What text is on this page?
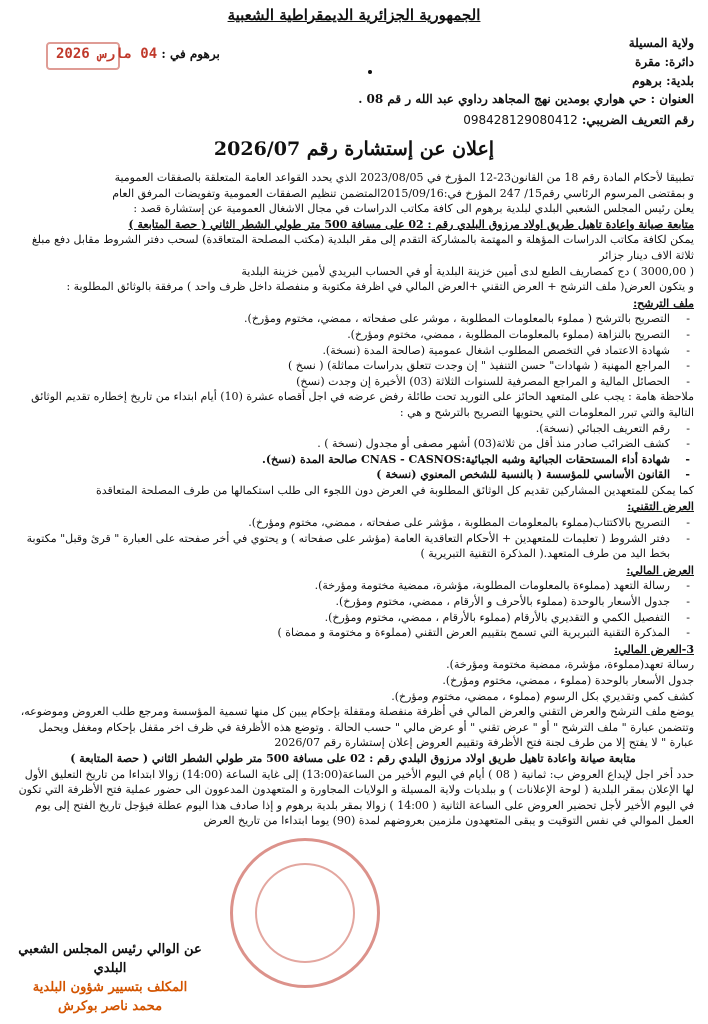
الجمهورية الجزائرية الديمقراطية الشعبية
ولاية المسيلة
دائرة: مقرة
بلدية: برهوم
برهوم في : 04 مارس 2026
العنوان : حي هواري بومدين نهج المجاهد رداوي عبد الله ر قم 08 .
رقم التعريف الضريبي: 098428129080412
إعلان عن إستشارة رقم 2026/07

تطبيقا لأحكام المادة رقم 18 من القانون23-12 المؤرخ في 2023/08/05 الذي يحدد القواعد العامة المتعلقة بالصفقات العمومية

و بمقتضى المرسوم الرئاسي رقم15/ 247 المؤرخ في:2015/09/16المتضمن تنظيم الصفقات العمومية وتفويضات المرفق العام

يعلن رئيس المجلس الشعبي البلدي لبلدية برهوم الى كافة مكاتب الدراسات في مجال الاشغال العمومية عن إستشارة قصد :

متابعة صيانة واعادة تاهيل طريق اولاد مرزوق البلدي رقم : 02 على مسافة 500 متر طولي الشطر الثاني ( حصة المتابعة )

يمكن لكافة مكاتب الدراسات المؤهلة و المهتمة بالمشاركة التقدم إلى مقر البلدية (مكتب المصلحة المتعاقدة) لسحب دفتر الشروط مقابل دفع مبلغ ثلاثة الاف دينار جزائر

( 3000,00 ) دج كمصاريف الطبع لدى أمين خزينة البلدية أو في الحساب البريدي لأمين خزينة البلدية

و يتكون العرض( ملف الترشح + العرض التقني +العرض المالي في اظرفة مكتوبة و منفصلة داخل ظرف واحد ) مرفقة بالوثائق المطلوبة :

ملف الترشح:

- التصريح بالترشح ( مملوء بالمعلومات المطلوبة ، موشر على صفحاته ، ممضي، مختوم ومؤرخ).
- التصريح بالنزاهة (مملوء بالمعلومات المطلوبة ، ممضي، مختوم ومؤرخ).
- شهادة الاعتماد في التخصص المطلوب اشغال عمومية (صالحة المدة (نسخة).
- المراجع المهنية ( شهادات" حسن التنفيذ " إن وجدت تتعلق بدراسات مماثلة) ( نسخ )
- الحصائل المالية و المراجع المصرفية للسنوات الثلاثة (03) الأخيرة إن وجدت (نسخ)

ملاحظة هامة : يجب على المتعهد الحائز على التوريد تحت طائلة رفض عرضه في اجل أقصاه عشرة (10) أيام ابتداء من تاريخ إخطاره تقديم الوثائق التالية والتي تبرر المعلومات التي يحتويها التصريح بالترشح و هي :

- رقم التعريف الجبائي (نسخة).
- كشف الضرائب صادر منذ أقل من ثلاثة(03) أشهر مصفى أو مجدول (نسخة ) .
- شهادة أداء المستحقات الجبائية وشبه الجبائية:CNAS - CASNOS صالحة المدة (نسخ).
- القانون الأساسي للمؤسسة ( بالنسبة للشخص المعنوي (نسخة )

كما يمكن للمتعهدين المشاركين تقديم كل الوثائق المطلوبة في العرض دون اللجوء الى طلب استكمالها من طرف المصلحة المتعاقدة

العرض التقني:

- التصريح بالاكتتاب(مملوء بالمعلومات المطلوبة ، مؤشر على صفحاته ، ممضي، مختوم ومؤرخ).
- دفتر الشروط ( تعليمات للمتعهدين + الأحكام التعاقدية العامة (مؤشر على صفحاته ) و يحتوي في أخر صفحته على العبارة " قرئ وقبل" مكتوبة بخط اليد من طرف المتعهد.( المذكرة التقنية التبريرية )

العرض المالي:

- رسالة التعهد (مملوءة بالمعلومات المطلوبة، مؤشرة، ممضية مختومة ومؤرخة).
- جدول الأسعار بالوحدة (مملوء بالأحرف و الأرقام ، ممضي، مختوم ومؤرخ).
- التفصيل الكمي و التقديري بالأرقام (مملوء بالأرقام ، ممضي، مختوم ومؤرخ).
- المذكرة التقنية التبريرية التي تسمح بتقييم العرض التقني (مملوءة و مختومة و ممضاة )

3-العرض المالي:

رسالة تعهد(مملوءة، مؤشرة، ممضية مختومة ومؤرخة).

جدول الأسعار بالوحدة (مملوء ، ممضي، مختوم ومؤرخ).

كشف كمي وتقديري بكل الرسوم (مملوء ، ممضي، مختوم ومؤرخ).

يوضع ملف الترشح والعرض التقني والعرض المالي في أظرفة منفصلة ومقفلة بإحكام يبين كل منها تسمية المؤسسة ومرجع طلب العروض وموضوعه، وتتضمن عبارة " ملف الترشح " أو " عرض تقني " أو عرض مالي " حسب الحالة . وتوضع هذه الأظرفة في ظرف اخر مقفل بإحكام ومغفل ويحمل عبارة " لا يفتح إلا من طرف لجنة فتح الأظرفة وتقييم العروض إعلان إستشارة رقم 2026/07

متابعة صيانة واعادة تاهيل طريق اولاد مرزوق البلدي رقم : 02 على مسافة 500 متر طولي الشطر الثاني ( حصة المتابعة )

حدد أخر اجل لإيداع العروض ب: ثمانية ( 08 ) أيام في اليوم الأخير من الساعة(13:00) إلى غاية الساعة (14:00) زوالا ابتداءا من تاريخ التعليق الأول لها الإعلان بمقر البلدية ( لوحة الإعلانات ) و ببلديات ولاية المسيلة و الولايات المجاورة و المتعهدون المدعوون الى حضور عملية فتح الأظرفة التي تكون في اليوم الأخير لأجل تحضير العروض على الساعة الثانية ( 14:00 ) زوالا بمقر بلدية برهوم و إذا صادف هذا اليوم عطلة فيؤجل تاريخ الفتح إلى يوم العمل الموالي في نفس التوقيت و يبقى المتعهدون ملزمين بعروضهم لمدة (90) يوما ابتداءا من تاريخ العرض

عن الوالي رئيس المجلس الشعبي البلدي
المكلف بتسيير شؤون البلدية
محمد ناصر بوكرش
